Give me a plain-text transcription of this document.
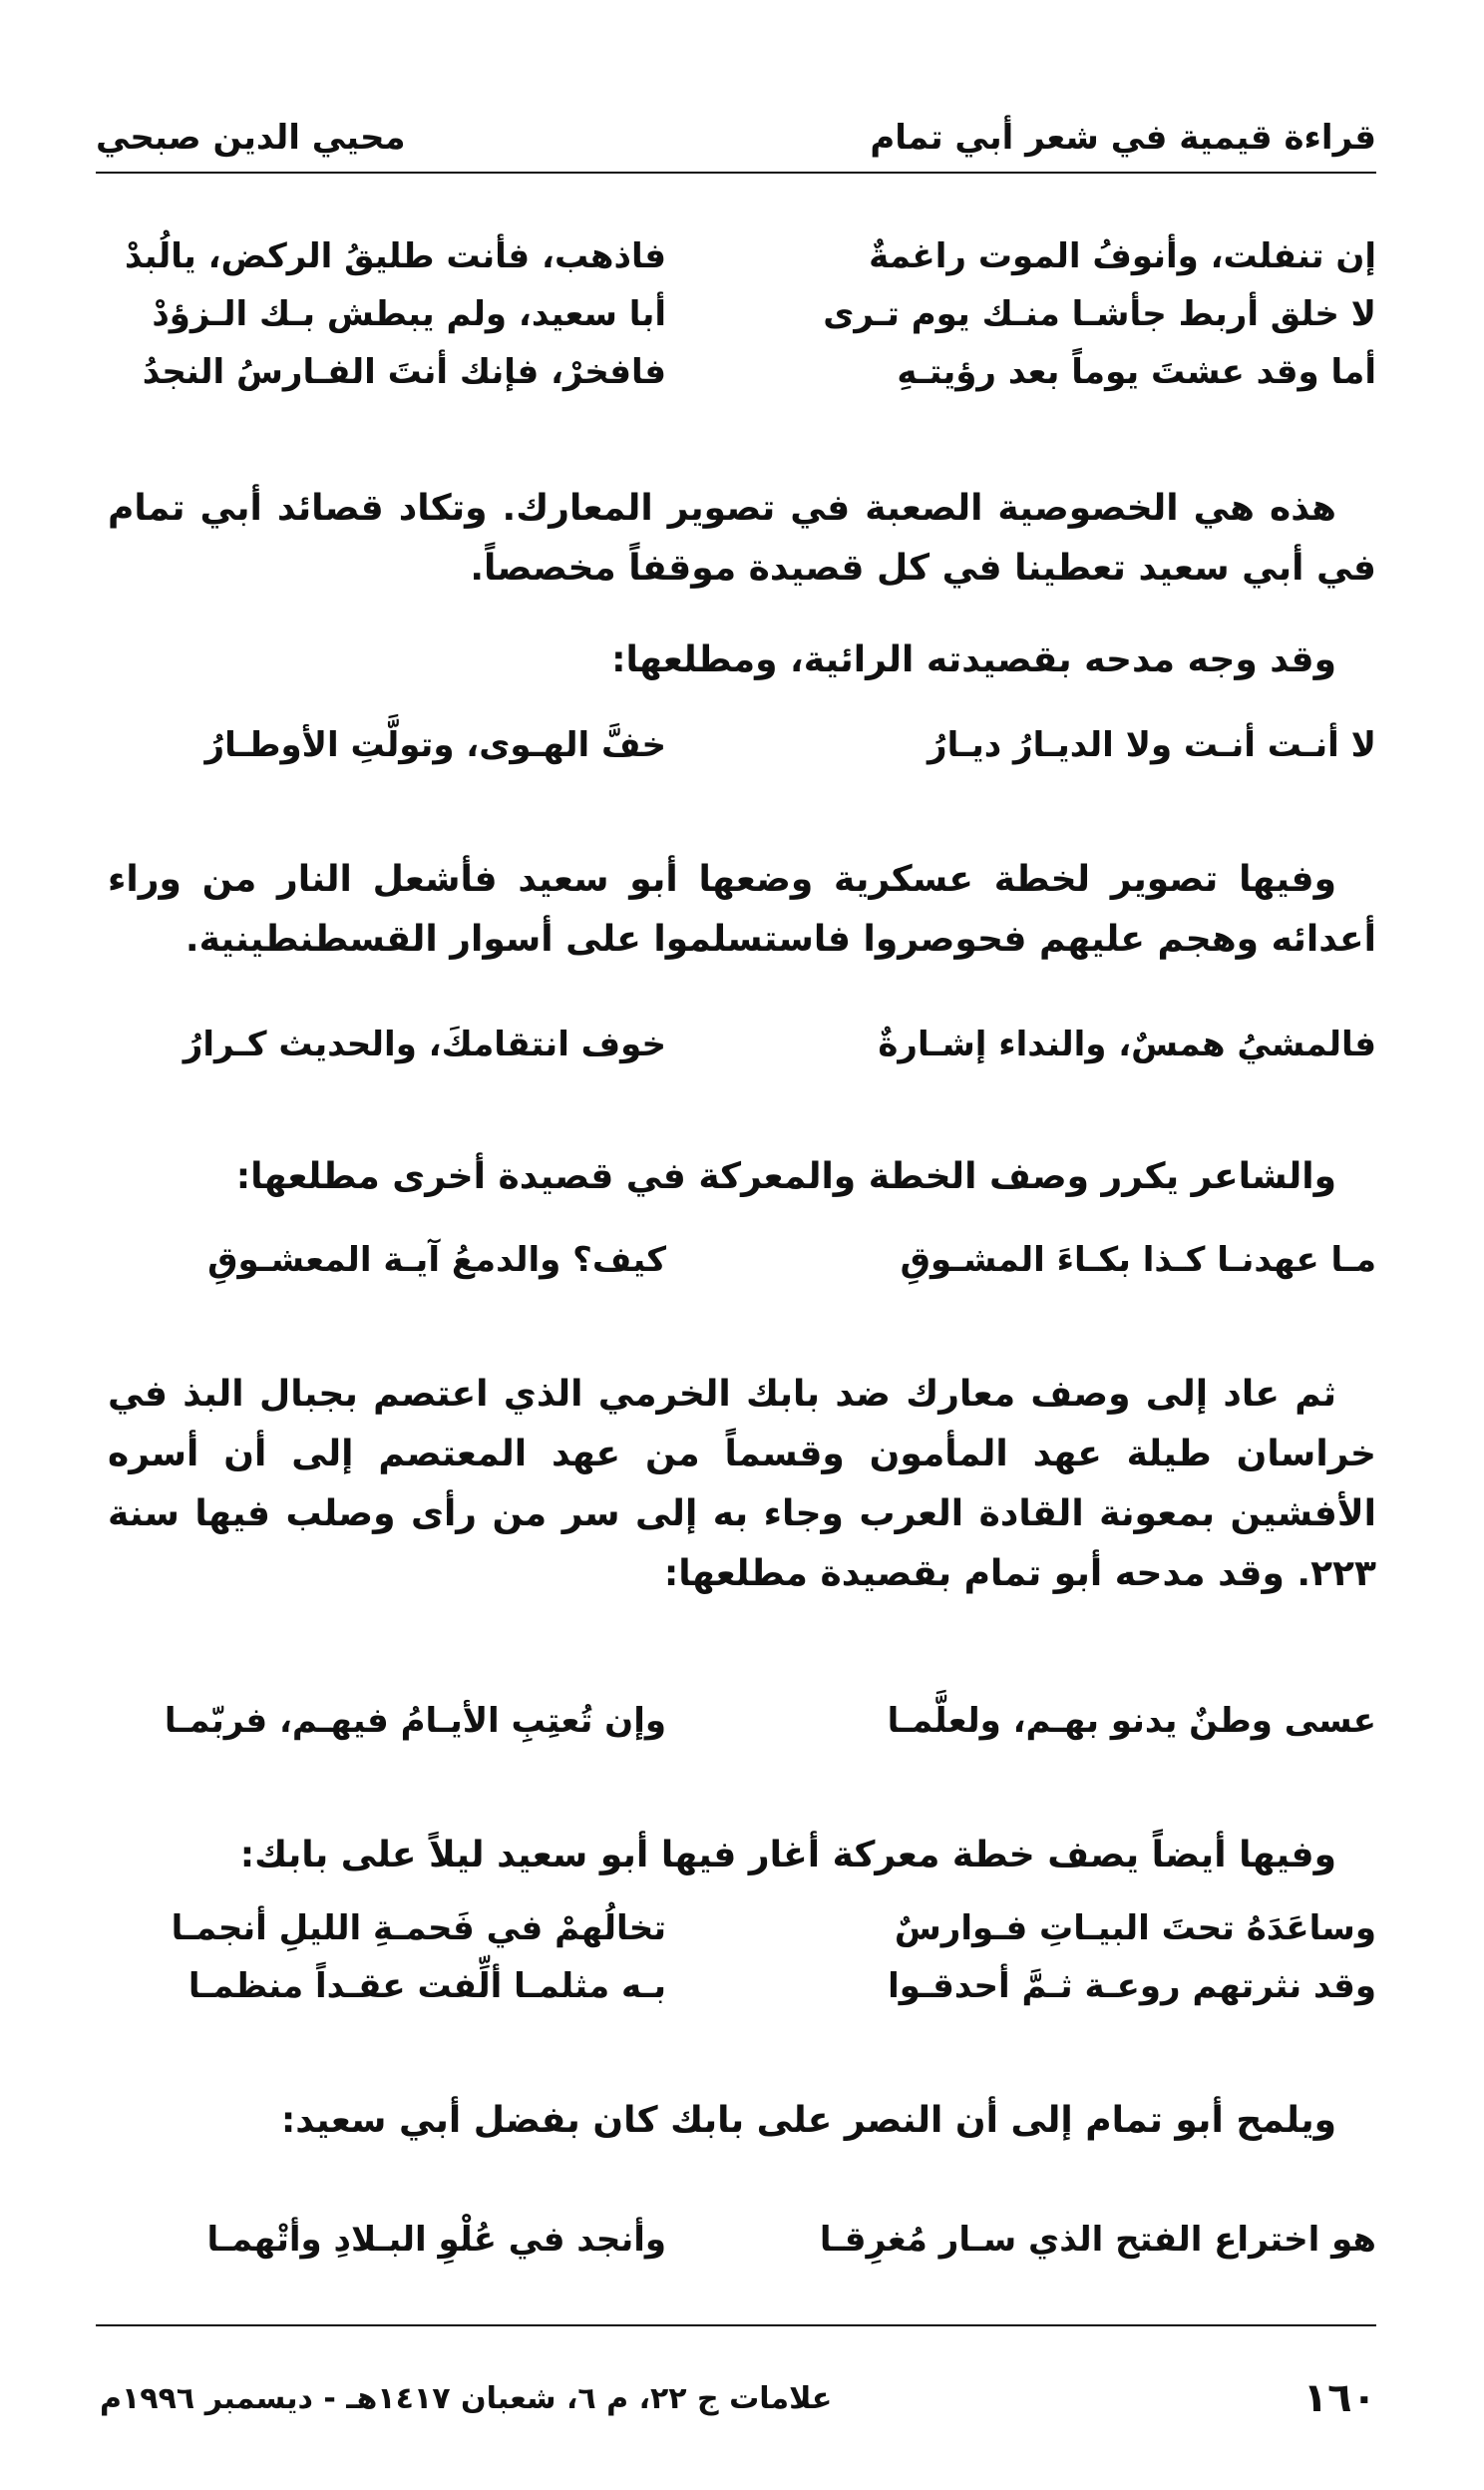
قراءة قيمية في شعر أبي تمام
محيي الدين صبحي
إن تنفلت، وأنوفُ الموت راغمةٌ
فاذهب، فأنت طليقُ الركض، يالُبدْ
لا خلق أربط جأشـا منـك يوم تـرى
أبا سعيد، ولم يبطش بـك الـزؤدْ
أما وقد عشتَ يوماً بعد رؤيتـهِ
فافخرْ، فإنك أنتَ الفـارسُ النجدُ
هذه هي الخصوصية الصعبة في تصوير المعارك. وتكاد قصائد أبي تمام في أبي سعيد تعطينا في كل قصيدة موقفاً مخصصاً.
وقد وجه مدحه بقصيدته الرائية، ومطلعها:
لا أنـت أنـت ولا الديـارُ ديـارُ
خفَّ الهـوى، وتولَّتِ الأوطـارُ
وفيها تصوير لخطة عسكرية وضعها أبو سعيد فأشعل النار من وراء أعدائه وهجم عليهم فحوصروا فاستسلموا على أسوار القسطنطينية.
فالمشيُ همسٌ، والنداء إشـارةٌ
خوف انتقامكَ، والحديث كـرارُ
والشاعر يكرر وصف الخطة والمعركة في قصيدة أخرى مطلعها:
مـا عهدنـا كـذا بكـاءَ المشـوقِ
كيف؟ والدمعُ آيـة المعشـوقِ
ثم عاد إلى وصف معارك ضد بابك الخرمي الذي اعتصم بجبال البذ في خراسان طيلة عهد المأمون وقسماً من عهد المعتصم إلى أن أسره الأفشين بمعونة القادة العرب وجاء به إلى سر من رأى وصلب فيها سنة ٢٢٣. وقد مدحه أبو تمام بقصيدة مطلعها:
عسى وطنٌ يدنو بهـم، ولعلَّمـا
وإن تُعتِبِ الأيـامُ فيهـم، فربّمـا
وفيها أيضاً يصف خطة معركة أغار فيها أبو سعيد ليلاً على بابك:
وساعَدَهُ تحتَ البيـاتِ فـوارسٌ
تخالُهمْ في فَحمـةِ الليلِ أنجمـا
وقد نثرتهم روعـة ثـمَّ أحدقـوا
بـه مثلمـا ألِّفت عقـداً منظمـا
ويلمح أبو تمام إلى أن النصر على بابك كان بفضل أبي سعيد:
هو اختراع الفتح الذي سـار مُغرِقـا
وأنجد في عُلْوِ البـلادِ وأتْهمـا
١٦٠
علامات ج ٢٢، م ٦، شعبان ١٤١٧هـ - ديسمبر ١٩٩٦م
